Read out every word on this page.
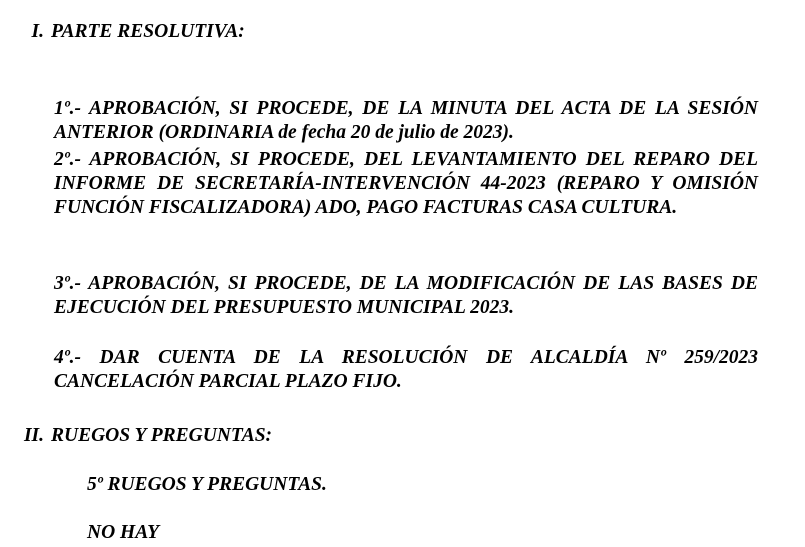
I. PARTE RESOLUTIVA:

1º.- APROBACIÓN, SI PROCEDE, DE LA MINUTA DEL ACTA DE LA SESIÓN ANTERIOR (ORDINARIA de fecha 20 de julio de 2023).

2º.- APROBACIÓN, SI PROCEDE, DEL LEVANTAMIENTO DEL REPARO DEL INFORME DE SECRETARÍA-INTERVENCIÓN 44-2023 (REPARO Y OMISIÓN FUNCIÓN FISCALIZADORA) ADO, PAGO FACTURAS CASA CULTURA.

3º.- APROBACIÓN, SI PROCEDE, DE LA MODIFICACIÓN DE LAS BASES DE EJECUCIÓN DEL PRESUPUESTO MUNICIPAL 2023.

4º.- DAR CUENTA DE LA RESOLUCIÓN DE ALCALDÍA Nº 259/2023 CANCELACIÓN PARCIAL PLAZO FIJO.

II. RUEGOS Y PREGUNTAS:
5º RUEGOS Y PREGUNTAS.
NO HAY
